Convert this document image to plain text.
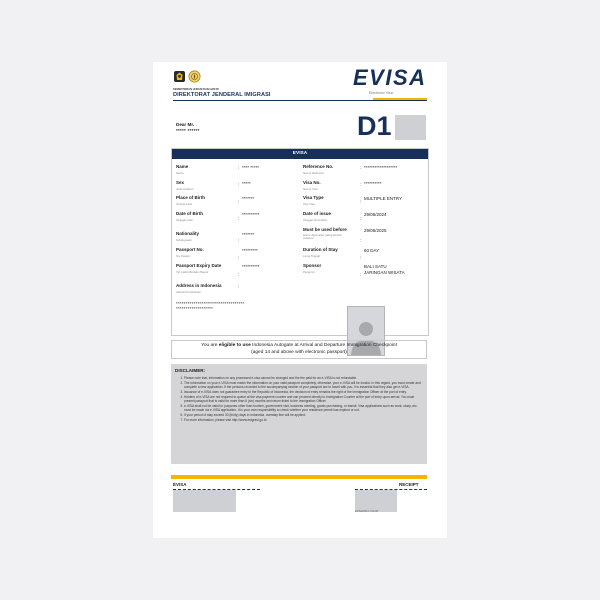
KEMENTERIAN HUKUM DAN HAM RI
DIREKTORAT JENDERAL IMIGRASI
EVISA
Electronic Visa
Dear Mr.
***** ******	D1
EVISA
Name
Nama
**** *****
Sex
Jenis Kelamin
*****
Place of Birth
Tempat Lahir
*******
Date of Birth
Tanggal Lahir
**********
Nationality
Kebangsaan
*******
Passport No.
No. Paspor
*********
Passport Expiry Date
Tgl. Habis Berlaku Paspor
**********
Reference No.
Nomor Referensi
*******************
Visa No.
Nomor Visa
**********
Visa Type
Tipe Visa
MULTIPLE ENTRY
Date of issue
Tanggal Penerbitan
29/06/2024
Must be used before
Harus digunakan paling lambat sebelum
29/06/2025
Duration of Stay
Lama Tinggal
60 DAY
Sponsor
Penjamin
BALI SATU JARINGAN WISATA
:

:

:

:

:

:

:
:

:

:

:

:

:

:
Address in Indonesia
Alamat di Indonesia
:
***********************************
*******************
You are eligible to use Indonesia Autogate at Arrival and Departure Immigration Checkpoint
(aged 14 and above with electronic passport)
DISCLAIMER:
1. Please note that, information on any processed e-visa cannot be changed and the fee paid for an e-VISA is not refundable.
2. The information on your e-VISA must match the information on your valid passport completely, otherwise, your e-VISA will be invalid. In this regard, you must create and complete a new application. If the persons recorded to the accompanying section of your passport are to travel with you, it is essential that they also get e-VISA.
3. Issuance of e-VISA does not guarantee entry to the Republic of Indonesia, the decision of entry remains the right of the Immigration Officer at the port of entry.
4. Holders of e-VISA are not required to queue at the visa payment counter and can proceed directly to Immigration Counter at the port of entry upon arrival. You must present passport that is valid for more than 6 (six) months and return ticket to the Immigration Officer.
5. e-VISA shall not be valid for purposes other than tourism, government visit, business meeting, goods purchasing, or transit. Visa applications such as work, study, etc. must be made via e-VISA application. It is your own responsibility to check whether your residence permit has expired or not.
6. If your period of stay exceed 30 (thirty) days in Indonesia, overstay fine will be applied.
7. For more information, please visit http://www.imigrasi.go.id.
EVISA	RECEIPT
EVISA2023-17-0A-58
